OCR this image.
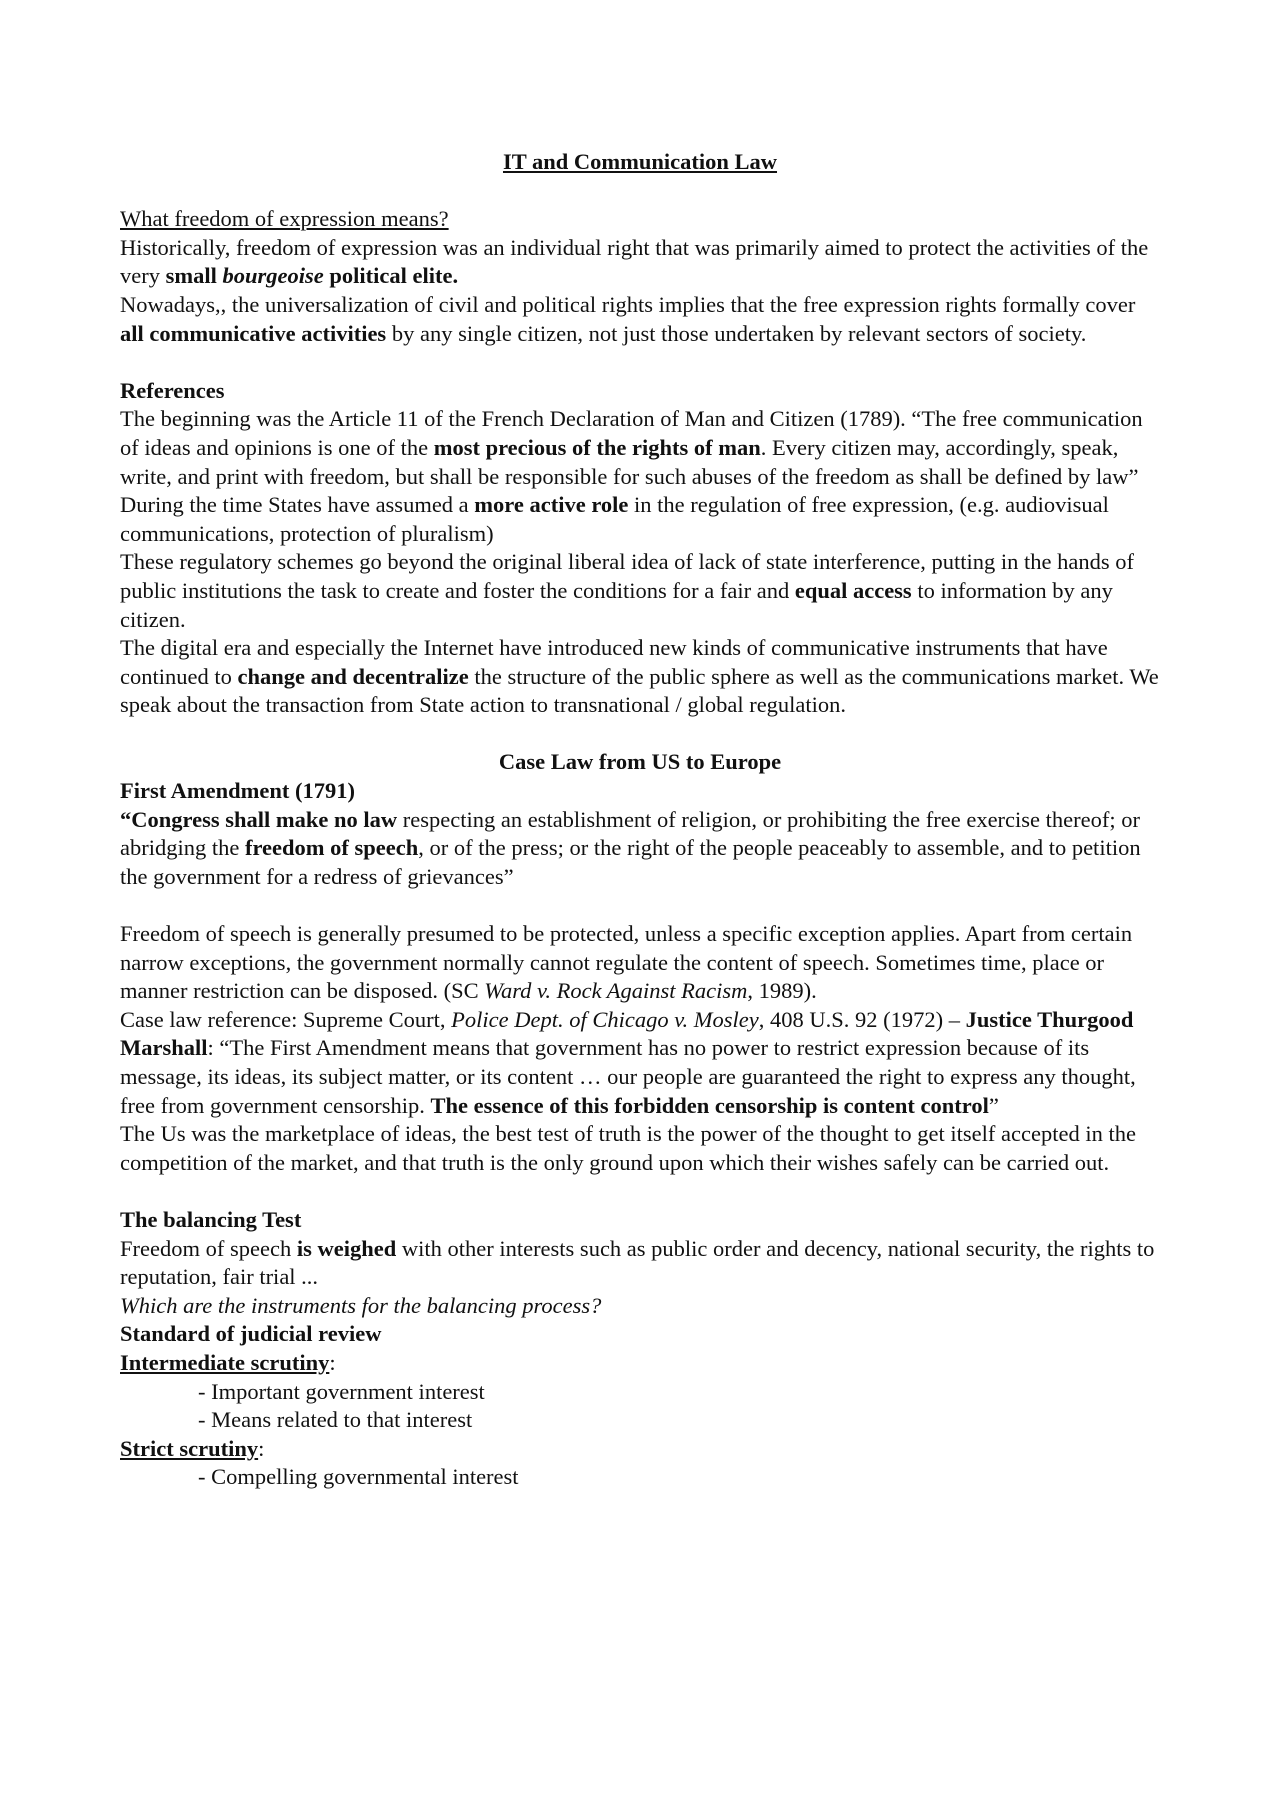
IT and Communication Law

What freedom of expression means?

Historically, freedom of expression was an individual right that was primarily aimed to protect the activities of the very small bourgeoise political elite.

Nowadays,, the universalization of civil and political rights implies that the free expression rights formally cover all communicative activities by any single citizen, not just those undertaken by relevant sectors of society.

References

The beginning was the Article 11 of the French Declaration of Man and Citizen (1789). “The free communication of ideas and opinions is one of the most precious of the rights of man. Every citizen may, accordingly, speak, write, and print with freedom, but shall be responsible for such abuses of the freedom as shall be defined by law”

During the time States have assumed a more active role in the regulation of free expression, (e.g. audiovisual communications, protection of pluralism)

These regulatory schemes go beyond the original liberal idea of lack of state interference, putting in the hands of public institutions the task to create and foster the conditions for a fair and equal access to information by any citizen.

The digital era and especially the Internet have introduced new kinds of communicative instruments that have continued to change and decentralize the structure of the public sphere as well as the communications market. We speak about the transaction from State action to transnational / global regulation.

Case Law from US to Europe

First Amendment (1791)

“Congress shall make no law respecting an establishment of religion, or prohibiting the free exercise thereof; or abridging the freedom of speech, or of the press; or the right of the people peaceably to assemble, and to petition the government for a redress of grievances”

Freedom of speech is generally presumed to be protected, unless a specific exception applies. Apart from certain narrow exceptions, the government normally cannot regulate the content of speech. Sometimes time, place or manner restriction can be disposed. (SC Ward v. Rock Against Racism, 1989).

Case law reference: Supreme Court, Police Dept. of Chicago v. Mosley, 408 U.S. 92 (1972) – Justice Thurgood Marshall: “The First Amendment means that government has no power to restrict expression because of its message, its ideas, its subject matter, or its content … our people are guaranteed the right to express any thought, free from government censorship. The essence of this forbidden censorship is content control”

The Us was the marketplace of ideas, the best test of truth is the power of the thought to get itself accepted in the competition of the market, and that truth is the only ground upon which their wishes safely can be carried out.

The balancing Test

Freedom of speech is weighed with other interests such as public order and decency, national security, the rights to reputation, fair trial ...

Which are the instruments for the balancing process?

Standard of judicial review

Intermediate scrutiny:

- Important government interest

- Means related to that interest

Strict scrutiny:

- Compelling governmental interest
